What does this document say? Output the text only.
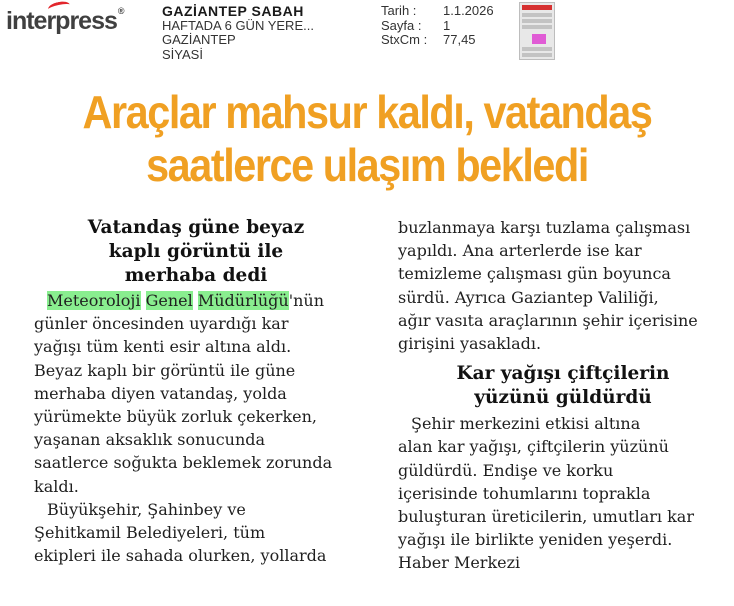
interpress®	GAZİANTEP SABAH
HAFTADA 6 GÜN YERE...
GAZİANTEP
SİYASİ
Tarih :	1.1.2026
Sayfa :	1
StxCm :	77,45
Araçlar mahsur kaldı, vatandaş
saatlerce ulaşım bekledi
Vatandaş güne beyaz
kaplı görüntü ile
merhaba dedi
Meteoroloji Genel Müdürlüğü'nün
günler öncesinden uyardığı kar
yağışı tüm kenti esir altına aldı.
Beyaz kaplı bir görüntü ile güne
merhaba diyen vatandaş, yolda
yürümekte büyük zorluk çekerken,
yaşanan aksaklık sonucunda
saatlerce soğukta beklemek zorunda
kaldı.
Büyükşehir, Şahinbey ve
Şehitkamil Belediyeleri, tüm
ekipleri ile sahada olurken, yollarda
buzlanmaya karşı tuzlama çalışması
yapıldı. Ana arterlerde ise kar
temizleme çalışması gün boyunca
sürdü. Ayrıca Gaziantep Valiliği,
ağır vasıta araçlarının şehir içerisine
girişini yasakladı.
Kar yağışı çiftçilerin
yüzünü güldürdü
Şehir merkezini etkisi altına
alan kar yağışı, çiftçilerin yüzünü
güldürdü. Endişe ve korku
içerisinde tohumlarını toprakla
buluşturan üreticilerin, umutları kar
yağışı ile birlikte yeniden yeşerdi.
Haber Merkezi
